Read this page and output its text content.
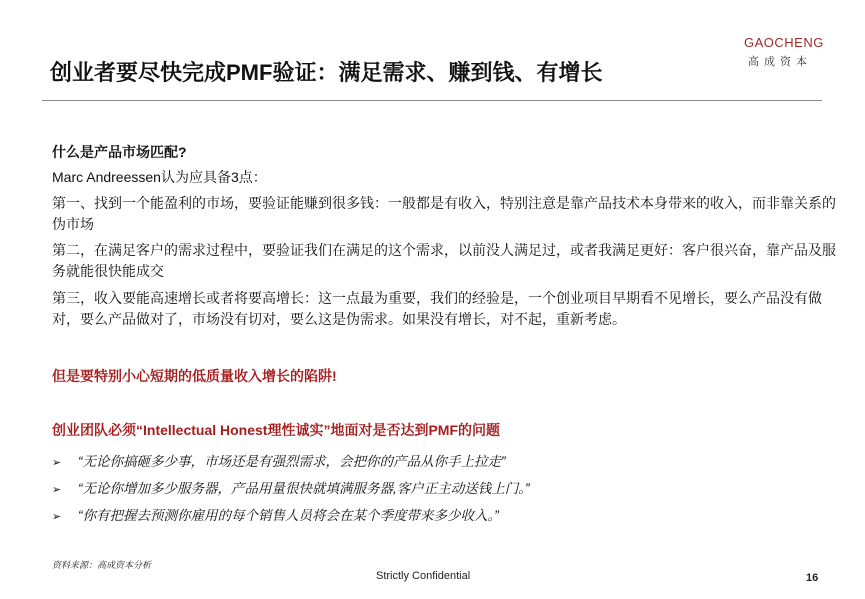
创业者要尽快完成PMF验证：满足需求、赚到钱、有增长
GAOCHENG
高成资本
什么是产品市场匹配?
Marc Andreessen认为应具备3点：
第一、找到一个能盈利的市场，要验证能赚到很多钱：一般都是有收入，特别注意是靠产品技术本身带来的收入，而非靠关系的伪市场
第二，在满足客户的需求过程中，要验证我们在满足的这个需求，以前没人满足过，或者我满足更好：客户很兴奋，靠产品及服务就能很快能成交
第三，收入要能高速增长或者将要高增长：这一点最为重要，我们的经验是，一个创业项目早期看不见增长，要么产品没有做对，要么产品做对了，市场没有切对，要么这是伪需求。如果没有增长，对不起，重新考虑。
但是要特别小心短期的低质量收入增长的陷阱!
创业团队必须“Intellectual Honest理性诚实”地面对是否达到PMF的问题
➢ “无论你搞砸多少事，市场还是有强烈需求，会把你的产品从你手上拉走”
➢ “无论你增加多少服务器，产品用量很快就填满服务器,客户正主动送钱上门。”
➢ “你有把握去预测你雇用的每个销售人员将会在某个季度带来多少收入。”
资料来源：高成资本分析
Strictly Confidential	16
